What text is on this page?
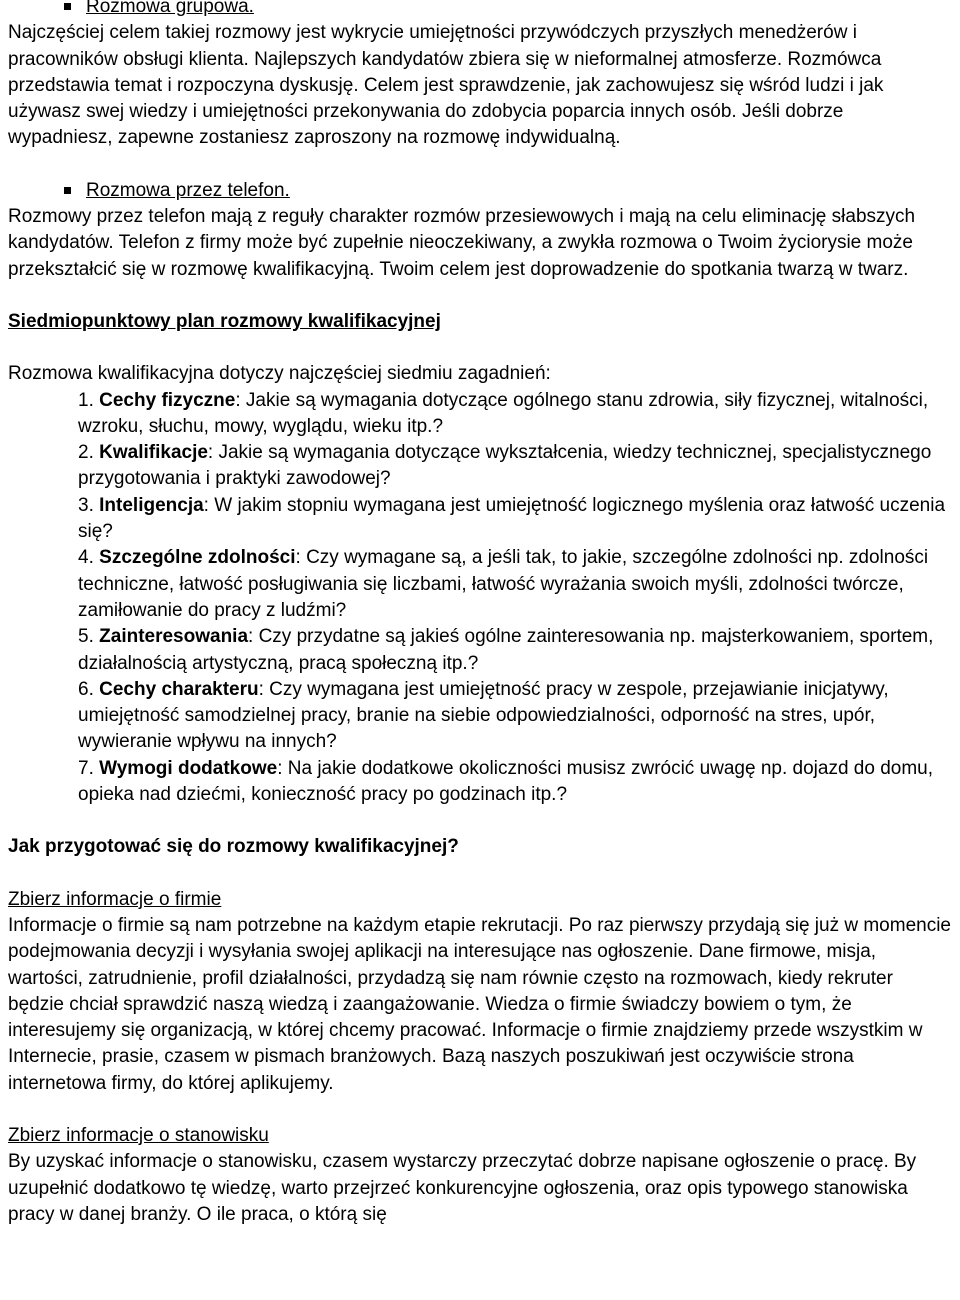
Rozmowa grupowa.

Najczęściej celem takiej rozmowy jest wykrycie umiejętności przywódczych przyszłych menedżerów i pracowników obsługi klienta. Najlepszych kandydatów zbiera się w nieformalnej atmosferze. Rozmówca przedstawia temat i rozpoczyna dyskusję. Celem jest sprawdzenie, jak zachowujesz się wśród ludzi i jak używasz swej wiedzy i umiejętności przekonywania do zdobycia poparcia innych osób. Jeśli dobrze wypadniesz, zapewne zostaniesz zaproszony na rozmowę indywidualną.

Rozmowa przez telefon.

Rozmowy przez telefon mają z reguły charakter rozmów przesiewowych i mają na celu eliminację słabszych kandydatów. Telefon z firmy może być zupełnie nieoczekiwany, a zwykła rozmowa o Twoim życiorysie może przekształcić się w rozmowę kwalifikacyjną. Twoim celem jest doprowadzenie do spotkania twarzą w twarz.

Siedmiopunktowy plan rozmowy kwalifikacyjnej

Rozmowa kwalifikacyjna dotyczy najczęściej siedmiu zagadnień:

1. Cechy fizyczne: Jakie są wymagania dotyczące ogólnego stanu zdrowia, siły fizycznej, witalności, wzroku, słuchu, mowy, wyglądu, wieku itp.?

2. Kwalifikacje: Jakie są wymagania dotyczące wykształcenia, wiedzy technicznej, specjalistycznego przygotowania i praktyki zawodowej?

3. Inteligencja: W jakim stopniu wymagana jest umiejętność logicznego myślenia oraz łatwość uczenia się?

4. Szczególne zdolności: Czy wymagane są, a jeśli tak, to jakie, szczególne zdolności np. zdolności techniczne, łatwość posługiwania się liczbami, łatwość wyrażania swoich myśli, zdolności twórcze, zamiłowanie do pracy z ludźmi?

5. Zainteresowania: Czy przydatne są jakieś ogólne zainteresowania np. majsterkowaniem, sportem, działalnością artystyczną, pracą społeczną itp.?

6. Cechy charakteru: Czy wymagana jest umiejętność pracy w zespole, przejawianie inicjatywy, umiejętność samodzielnej pracy, branie na siebie odpowiedzialności, odporność na stres, upór, wywieranie wpływu na innych?

7. Wymogi dodatkowe: Na jakie dodatkowe okoliczności musisz zwrócić uwagę np. dojazd do domu, opieka nad dziećmi, konieczność pracy po godzinach itp.?

Jak przygotować się do rozmowy kwalifikacyjnej?

Zbierz informacje o firmie

Informacje o firmie są nam potrzebne na każdym etapie rekrutacji. Po raz pierwszy przydają się już w momencie podejmowania decyzji i wysyłania swojej aplikacji na interesujące nas ogłoszenie. Dane firmowe, misja, wartości, zatrudnienie, profil działalności, przydadzą się nam równie często na rozmowach, kiedy rekruter będzie chciał sprawdzić naszą wiedzą i zaangażowanie. Wiedza o firmie świadczy bowiem o tym, że interesujemy się organizacją, w której chcemy pracować. Informacje o firmie znajdziemy przede wszystkim w Internecie, prasie, czasem w pismach branżowych. Bazą naszych poszukiwań jest oczywiście strona internetowa firmy, do której aplikujemy.

Zbierz informacje o stanowisku

By uzyskać informacje o stanowisku, czasem wystarczy przeczytać dobrze napisane ogłoszenie o pracę. By uzupełnić dodatkowo tę wiedzę, warto przejrzeć konkurencyjne ogłoszenia, oraz opis typowego stanowiska pracy w danej branży. O ile praca, o którą się
